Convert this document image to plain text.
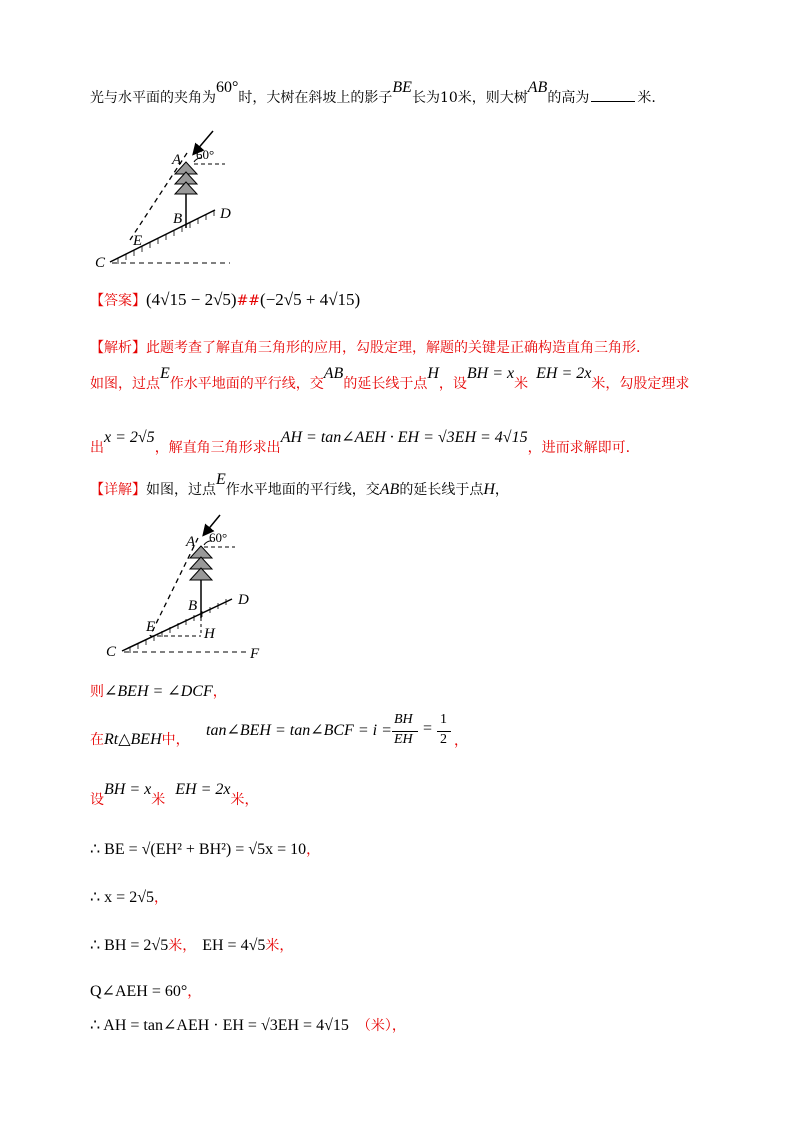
光与水平面的夹角为60°时，大树在斜坡上的影子BE长为10米，则大树AB的高为	米.
A 60°
B	D
E
C
【答案】(4√15 − 2√5)##(−2√5 + 4√15)
【解析】此题考查了解直角三角形的应用，勾股定理，解题的关键是正确构造直角三角形.
如图，过点E作水平地面的平行线，交AB的延长线于点H，设BH = x米EH = 2x米，勾股定理求
出x = 2√5，解直角三角形求出AH = tan∠AEH · EH = √3EH = 4√15，进而求解即可.
【详解】如图，过点E作水平地面的平行线，交AB的延长线于点H，
A 60°
B	D
E	H
C	F
则∠BEH = ∠DCF，
在Rt△BEH中，
tan∠BEH = tan∠BCF = i =
BH
EH
=
1
2 ，
设BH = x米EH = 2x米，
∴ BE = √(EH² + BH²) = √5x = 10，
∴ x = 2√5，
∴ BH = 2√5米， EH = 4√5米，
Q∠AEH = 60°，
∴ AH = tan∠AEH · EH = √3EH = 4√15 （米），
